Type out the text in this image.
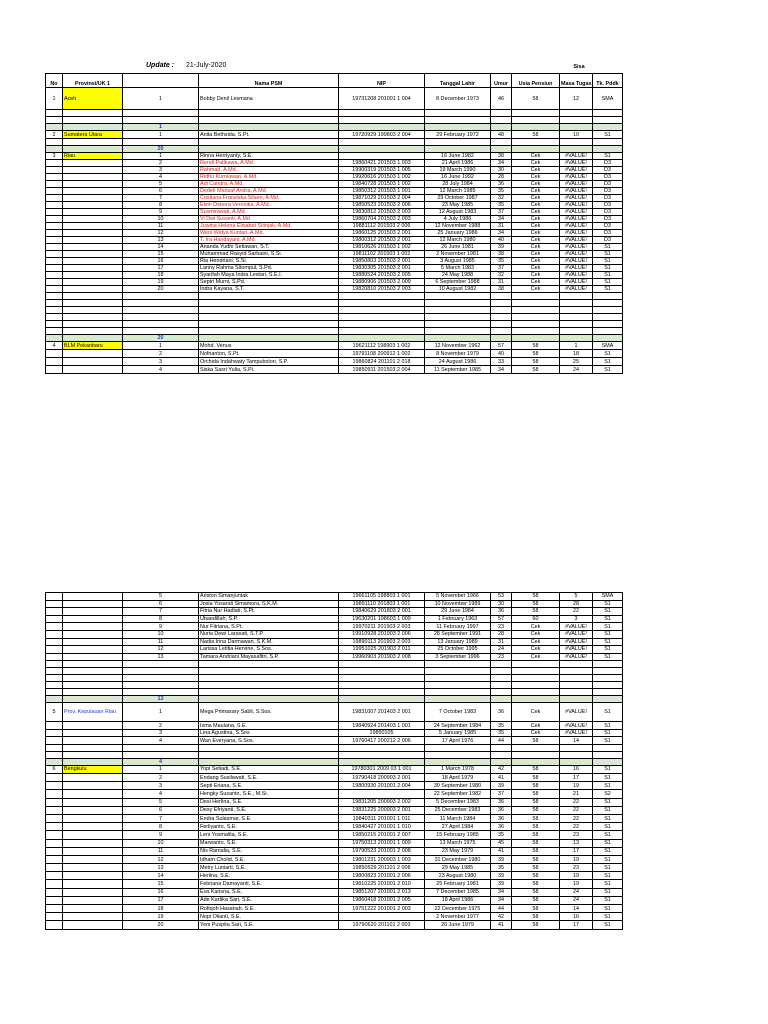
Update : 21-July-2020	Sisa
No	Provinsi/UK 1		Nama PSM	NIP	Tanggal Lahir	Umur	Usia Pensiun	Masa Tugas	Tk. Pddk
1	Aceh	1	Bobby Denil Lesmana	19731208 201001 1 004	8 December 1973	46	58	12	SMA

		1							
2	Sumatera Utara	1	Anita Bethsida, S.Pt.	19720929 199803 2 004	29 February 1972	48	58	10	S1

		20							
3	Riau	1	Rinna Herriyanty, S.E.		16 June 1982	38	Cek	#VALUE!	S1
		2	Rendi Patikawa, A.Md.	19860421 201503 1 003	21 April 1986	34	Cek	#VALUE!	D3
		3	Rahmad, A.Md.	19900319 201503 1 005	19 March 1990	30	Cek	#VALUE!	D3
		4	Ridho Kurniawan, A.Md.	19920616 201503 1 002	16 June 1992	28	Cek	#VALUE!	D3
		5	Adi Candra, A.Md.	19840728 201503 1 002	28 July 1984	36	Cek	#VALUE!	D3
		6	Dedek Marisaf Andra, A.Md.	19850312 201503 1 001	12 March 1985	35	Cek	#VALUE!	D3
		7	Cristiana Fransiska Silaen, A.Md.	19871029 201503 2 004	29 October 1987	32	Cek	#VALUE!	D3
		8	Elvin Debora Veronika, A.Md.	19850523 201503 2 006	23 May 1985	35	Cek	#VALUE!	D3
		9	Susmirawati, A.Md.	19830812 201503 2 003	12 August 1983	37	Cek	#VALUE!	D3
		10	Vi Dwi Susanti, A.Md.	19860704 201503 2 003	4 July 1986	34	Cek	#VALUE!	D3
		11	Juwina Helena Elisabet Sitinjak, A.Md.	19881112 201503 2 006	12 November 1988	31	Cek	#VALUE!	D3
		12	Weni Widya Kuntari, A.Md.	19860125 201503 2 001	25 January 1986	34	Cek	#VALUE!	D3
		13	T. Ira Handayani, A.Md.	19800312 201503 2 001	12 March 1980	40	Cek	#VALUE!	D3
		14	Ananda Yudhi Setiawan, S.T.	19810626 201503 1 002	26 June 1981	39	Cek	#VALUE!	S1
		15	Muhammad Rasyid Sarbaini, S.Si.	19811102 201503 1 002	2 November 1981	38	Cek	#VALUE!	S1
		16	Ria Hendriani, S.Si.	19850803 201503 2 001	3 August 1985	35	Cek	#VALUE!	S1
		17	Lanny Rahma Sitompul, S.Pd.	19830305 201503 2 001	5 March 1983	37	Cek	#VALUE!	S1
		18	Syarifah Maya Indra Lestari, S.E.I.	19880524 201503 2 005	24 May 1988	32	Cek	#VALUE!	S1
		19	Septri Murni, S.Pd.	19880906 201503 2 009	6 September 1988	31	Cek	#VALUE!	S1
		20	Indra Kayana, S.T.	19820810 201503 2 003	10 August 1982	38	Cek	#VALUE!	S1

		20							
4	BLM Pekanbaru	1	Mohd. Venus	19621112 198903 1 002	12 November 1962	57	58	1	SMA
		2	Nofrianton, S.Pt.	19791108 200912 1 002	8 November 1979	40	58	18	S1
		3	Orchida Indahwaty Tampubolon, S.P.	19860824 201101 2 018	24 August 1986	33	58	25	S1
		4	Siska Sasri Yulia, S.Pi.	19850911 201503 2 004	11 September 1985	34	58	24	S1
		5	Ariston Simanjuntak	19661105 198803 1 001	5 November 1966	53	58	5	SMA
		6	Josia Yosandi Simamora, S.K.M.	19891110 201803 1 001	10 November 1989	30	58	28	S1
		7	Fitria Nur Hadiati, S.Pt.	19840629 201803 2 001	29 June 1984	36	58	22	S1
		8	Ubaedillah, S.P.	19630201 198603 1 009	1 February 1963	57	60	3	S1
		9	Nur Fitriana, S.Pt.	19970211 201903 2 003	11 February 1997	23	Cek	#VALUE!	S1
		10	Nuria Dewi Larasati, S.T.P.	19910928 201903 2 006	28 September 1991	28	Cek	#VALUE!	S1
		11	Nadia Irina Darmawan, S.K.M.	19890113 201903 2 003	13 January 1989	31	Cek	#VALUE!	S1
		12	Larissa Letitia Hervine, S.Sos.	19951025 201903 2 011	25 October 1995	24	Cek	#VALUE!	S1
		13	Tamara Andriani Mayasafitri, S.P.	19960903 201903 2 008	3 September 1996	23	Cek	#VALUE!	S1

		13							
5	Prov. Kepulauan Riau	1	Mega Primasary Sabli, S.Sos.	19831007 201403 2 001	7 October 1983	36	Cek	#VALUE!	S1
		2	Isma Maulana, S.E.	19840924 201403 1 001	24 September 1984	35	Cek	#VALUE!	S1
		3	Lina Agustina, S.Sos	19850105	5 January 1985	35	Cek	#VALUE!	S1
		4	Wan Everyana, S.Sos.	19760417 200212 2 006	17 April 1976	44	58	14	S1

		4							
6	Bengkulu	1	Yopi Setiadi, S.E.	19780301 2009 03 1 001	1 March 1978	42	58	16	S1
		2	Endang Susilawati, S.E.	19790418 200903 2 001	18 April 1979	41	58	17	S1
		3	Septi Eriana, S.E.	19800930 201001 2 004	30 September 1980	39	58	19	S1
		4	Hengky Susanto, S.E., M.Si.		22 September 1982	37	58	21	S2
		5	Desi Herlina, S.E.	19831205 200903 2 002	5 December 1983	36	58	22	S1
		6	Desy Efriyanti, S.E.	19831225 200903 2 001	25 December 1983	36	58	22	S1
		7	Endra Sulasmar, S.E.	19840311 201001 1 011	11 March 1984	36	58	22	S1
		8	Ferliyanto, S.E.	19840427 201001 1 010	27 April 1984	36	58	22	S1
		9	Leni Yosmalita, S.E.	19850215 201001 2 007	15 February 1985	35	58	23	S1
		10	Marwanto, S.E.	19750313 201001 1 009	13 March 1975	45	58	13	S1
		11	Nis Ramalia, S.E.	19790523 201001 2 008	23 May 1979	41	58	17	S1
		12	Idham Cholid, S.E.	19801231 200903 1 003	31 December 1980	39	58	19	S1
		13	Metry Luniarti, S.E.	19850529 201101 2 008	29 May 1985	35	58	23	S1
		14	Herlina, S.E.	19800823 201001 2 006	23 August 1980	39	58	19	S1
		15	Febriana Damayanti, S.E.	19810225 201001 2 010	25 February 1981	39	58	19	S1
		16	Eva Karisna, S.E.	19851207 201001 2 013	7 December 1985	34	58	24	S1
		17	Ade Kartika Sari, S.E.	19860418 201001 2 005	18 April 1986	34	58	24	S1
		18	Rofiqoh Hasanah, S.E.	19751222 201001 2 003	22 December 1975	44	58	14	S1
		19	Nopi Olianti, S.E.		2 November 1977	42	58	16	S1
		20	Yeni Puspita Sari, S.E.	19790620 201101 2 003	20 June 1979	41	58	17	S1
